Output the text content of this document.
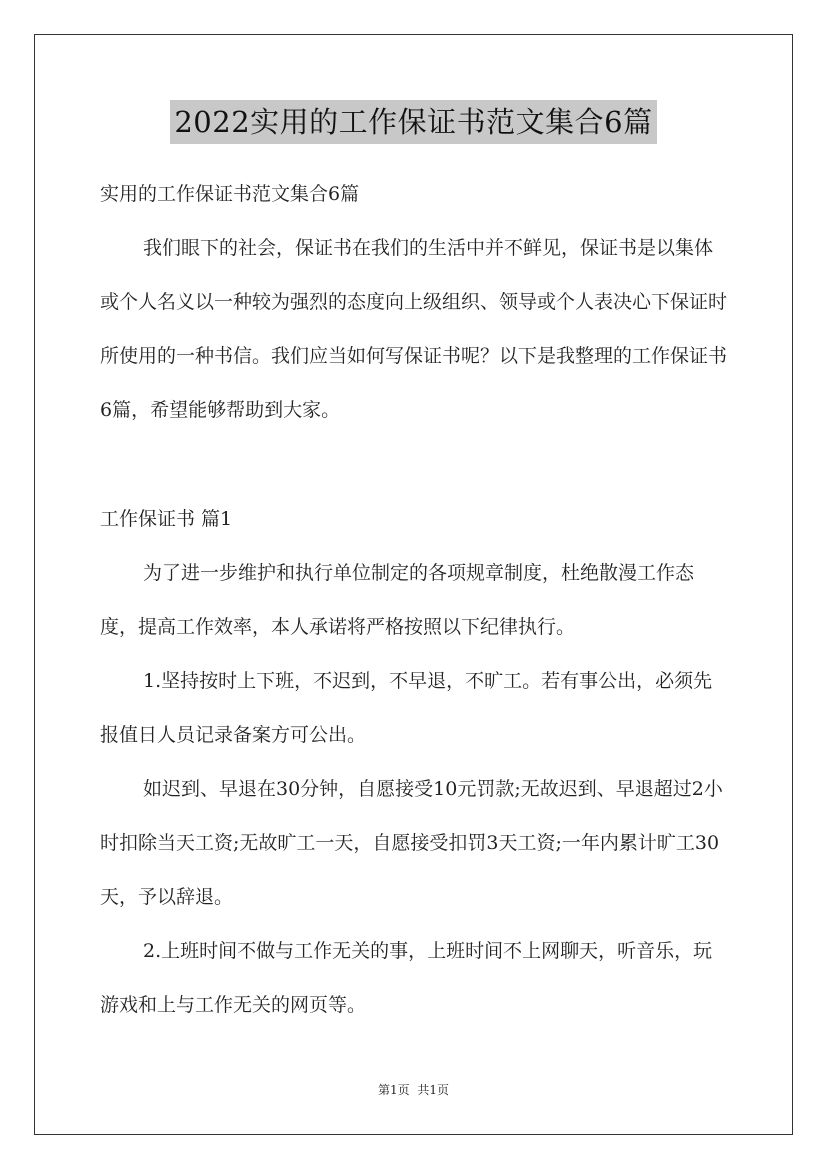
2022实用的工作保证书范文集合6篇

实用的工作保证书范文集合6篇

我们眼下的社会，保证书在我们的生活中并不鲜见，保证书是以集体或个人名义以一种较为强烈的态度向上级组织、领导或个人表决心下保证时所使用的一种书信。我们应当如何写保证书呢？以下是我整理的工作保证书6篇，希望能够帮助到大家。

工作保证书 篇1

为了进一步维护和执行单位制定的各项规章制度，杜绝散漫工作态度，提高工作效率，本人承诺将严格按照以下纪律执行。

1.坚持按时上下班，不迟到，不早退，不旷工。若有事公出，必须先报值日人员记录备案方可公出。

如迟到、早退在30分钟，自愿接受10元罚款;无故迟到、早退超过2小时扣除当天工资;无故旷工一天，自愿接受扣罚3天工资;一年内累计旷工30天，予以辞退。

2.上班时间不做与工作无关的事，上班时间不上网聊天，听音乐，玩游戏和上与工作无关的网页等。

第1页 共1页
